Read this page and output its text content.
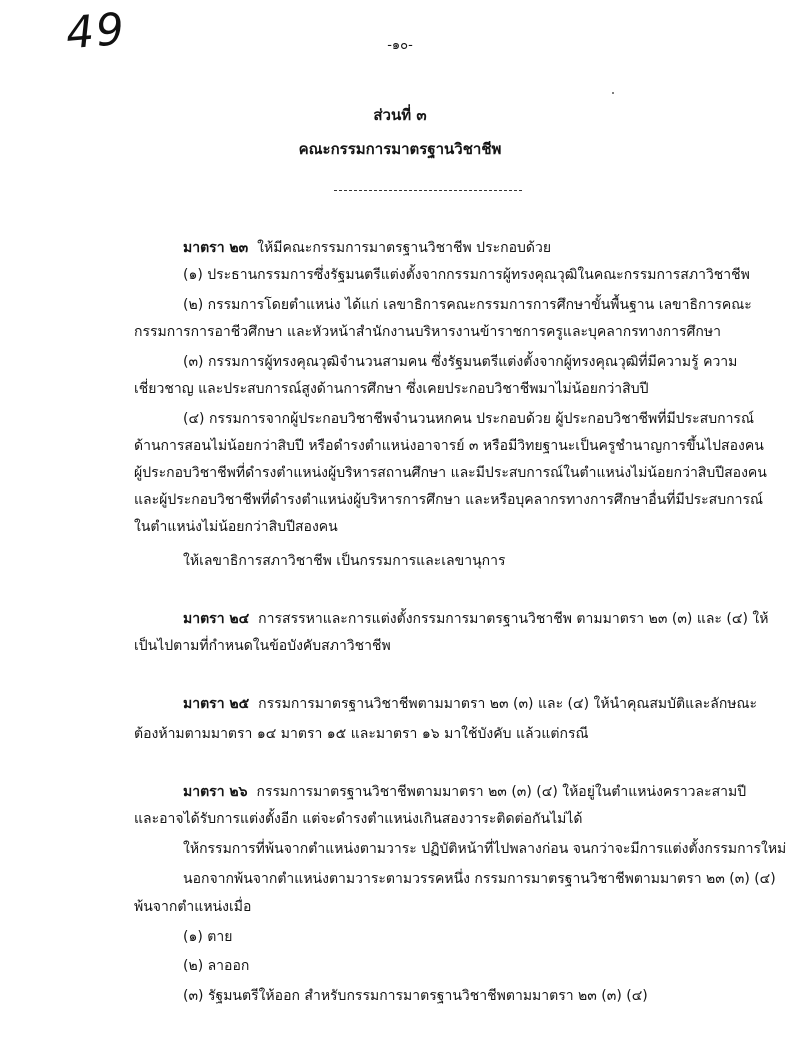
49	-๑๐-
ส่วนที่ ๓
คณะกรรมการมาตรฐานวิชาชีพ
มาตรา ๒๓ ให้มีคณะกรรมการมาตรฐานวิชาชีพ ประกอบด้วย
(๑) ประธานกรรมการซึ่งรัฐมนตรีแต่งตั้งจากกรรมการผู้ทรงคุณวุฒิในคณะกรรมการสภาวิชาชีพ
(๒) กรรมการโดยตำแหน่ง ได้แก่ เลขาธิการคณะกรรมการการศึกษาขั้นพื้นฐาน เลขาธิการคณะ
กรรมการการอาชีวศึกษา และหัวหน้าสำนักงานบริหารงานข้าราชการครูและบุคลากรทางการศึกษา
(๓) กรรมการผู้ทรงคุณวุฒิจำนวนสามคน ซึ่งรัฐมนตรีแต่งตั้งจากผู้ทรงคุณวุฒิที่มีความรู้ ความ
เชี่ยวชาญ และประสบการณ์สูงด้านการศึกษา ซึ่งเคยประกอบวิชาชีพมาไม่น้อยกว่าสิบปี
(๔) กรรมการจากผู้ประกอบวิชาชีพจำนวนหกคน ประกอบด้วย ผู้ประกอบวิชาชีพที่มีประสบการณ์
ด้านการสอนไม่น้อยกว่าสิบปี หรือดำรงตำแหน่งอาจารย์ ๓ หรือมีวิทยฐานะเป็นครูชำนาญการขึ้นไปสองคน
ผู้ประกอบวิชาชีพที่ดำรงตำแหน่งผู้บริหารสถานศึกษา และมีประสบการณ์ในตำแหน่งไม่น้อยกว่าสิบปีสองคน
และผู้ประกอบวิชาชีพที่ดำรงตำแหน่งผู้บริหารการศึกษา และหรือบุคลากรทางการศึกษาอื่นที่มีประสบการณ์
ในตำแหน่งไม่น้อยกว่าสิบปีสองคน
ให้เลขาธิการสภาวิชาชีพ เป็นกรรมการและเลขานุการ
มาตรา ๒๔ การสรรหาและการแต่งตั้งกรรมการมาตรฐานวิชาชีพ ตามมาตรา ๒๓ (๓) และ (๔) ให้
เป็นไปตามที่กำหนดในข้อบังคับสภาวิชาชีพ
มาตรา ๒๕ กรรมการมาตรฐานวิชาชีพตามมาตรา ๒๓ (๓) และ (๔) ให้นำคุณสมบัติและลักษณะ
ต้องห้ามตามมาตรา ๑๔ มาตรา ๑๕ และมาตรา ๑๖ มาใช้บังคับ แล้วแต่กรณี
มาตรา ๒๖ กรรมการมาตรฐานวิชาชีพตามมาตรา ๒๓ (๓) (๔) ให้อยู่ในตำแหน่งคราวละสามปี
และอาจได้รับการแต่งตั้งอีก แต่จะดำรงตำแหน่งเกินสองวาระติดต่อกันไม่ได้
ให้กรรมการที่พ้นจากตำแหน่งตามวาระ ปฏิบัติหน้าที่ไปพลางก่อน จนกว่าจะมีการแต่งตั้งกรรมการใหม่
นอกจากพ้นจากตำแหน่งตามวาระตามวรรคหนึ่ง กรรมการมาตรฐานวิชาชีพตามมาตรา ๒๓ (๓) (๔)
พ้นจากตำแหน่งเมื่อ
(๑) ตาย
(๒) ลาออก
(๓) รัฐมนตรีให้ออก สำหรับกรรมการมาตรฐานวิชาชีพตามมาตรา ๒๓ (๓) (๔)
